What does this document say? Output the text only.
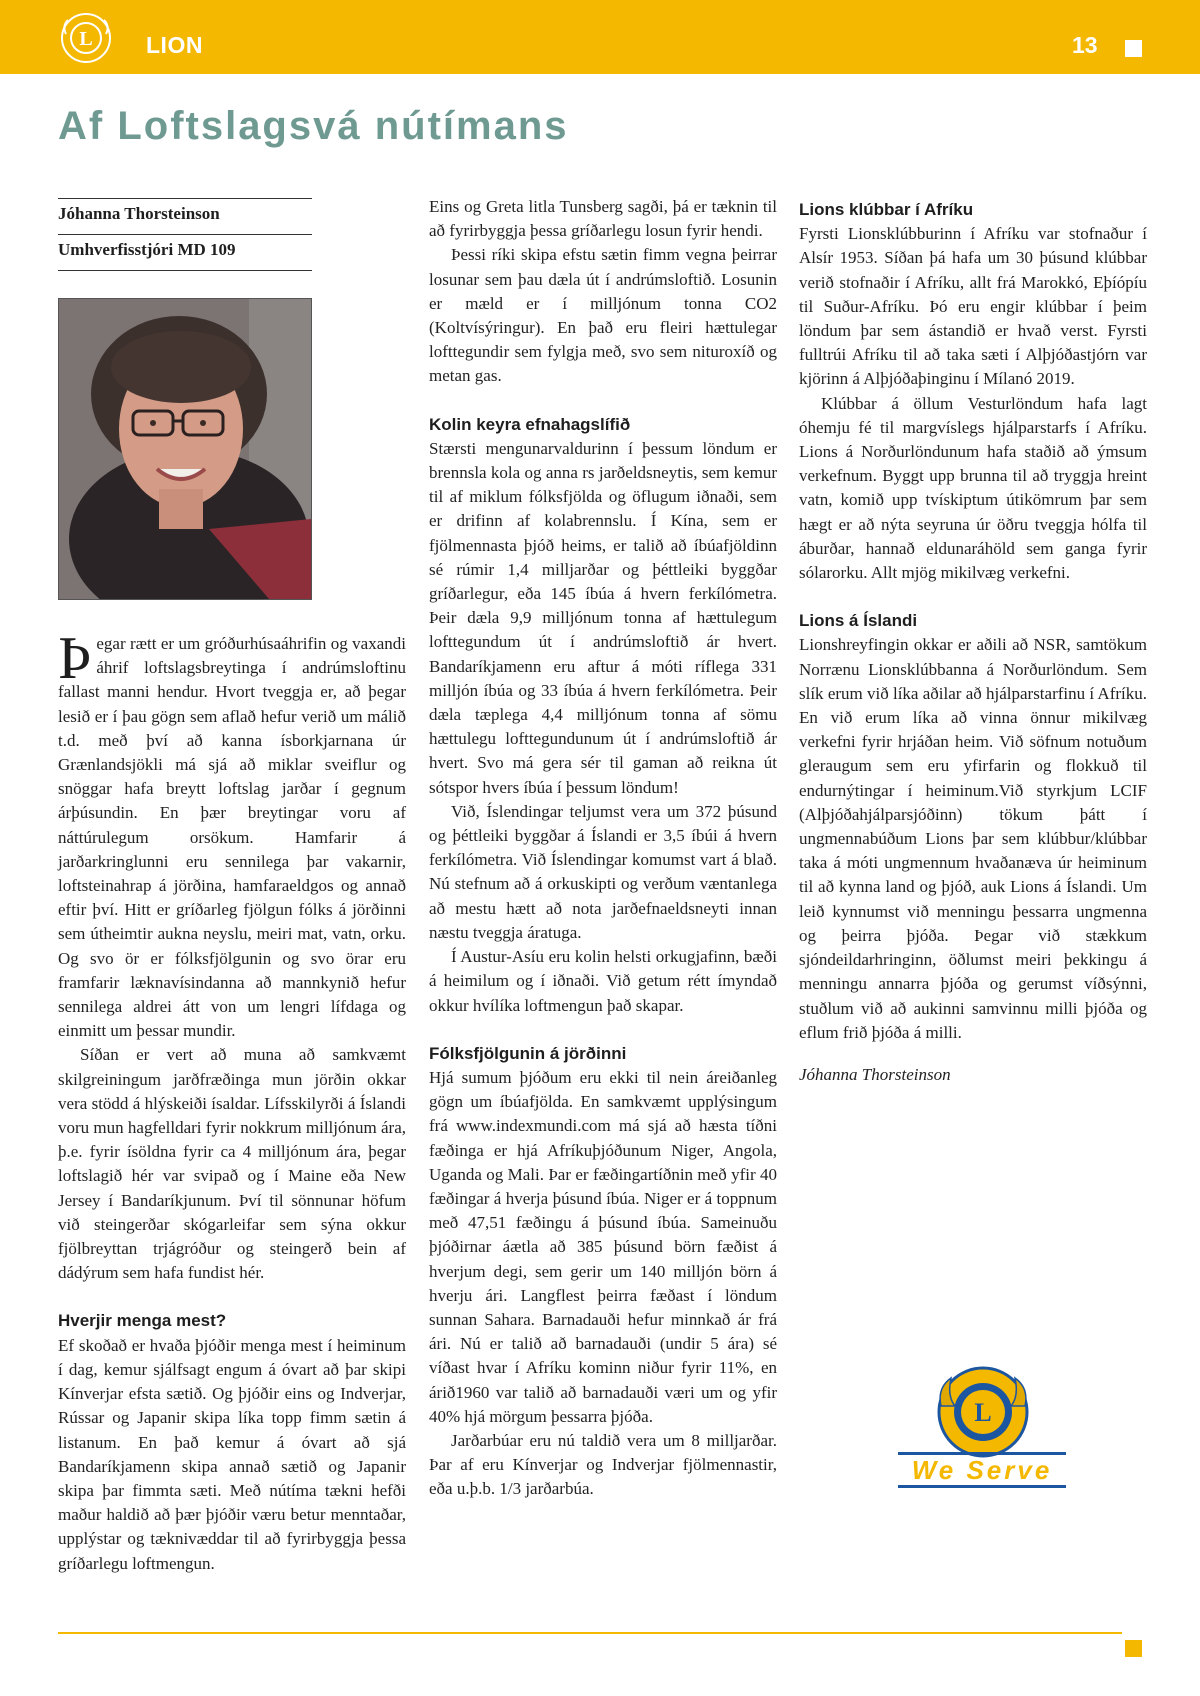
L LION	13
Af Loftslagsvá nútímans
Jóhanna Thorsteinson
Umhverfisstjóri MD 109

Þegar rætt er um gróðurhúsaáhrifin og vaxandi áhrif loftslagsbreytinga í andrúmsloftinu fallast manni hendur. Hvort tveggja er, að þegar lesið er í þau gögn sem aflað hefur verið um málið t.d. með því að kanna ísborkjarnana úr Grænlandsjökli má sjá að miklar sveiflur og snöggar hafa breytt loftslag jarðar í gegnum árþúsundin. En þær breytingar voru af náttúrulegum orsökum. Hamfarir á jarðarkringlunni eru sennilega þar vakarnir, loftsteinahrap á jörðina, hamfaraeldgos og annað eftir því. Hitt er gríðarleg fjölgun fólks á jörðinni sem útheimtir aukna neyslu, meiri mat, vatn, orku. Og svo ör er fólksfjölgunin og svo örar eru framfarir læknavísindanna að mannkynið hefur sennilega aldrei átt von um lengri lífdaga og einmitt um þessar mundir.

Síðan er vert að muna að samkvæmt skilgreiningum jarðfræðinga mun jörðin okkar vera stödd á hlýskeiði ísaldar. Lífsskilyrði á Íslandi voru mun hagfelldari fyrir nokkrum milljónum ára, þ.e. fyrir ísöldna fyrir ca 4 milljónum ára, þegar loftslagið hér var svipað og í Maine eða New Jersey í Bandaríkjunum. Því til sönnunar höfum við steingerðar skógarleifar sem sýna okkur fjölbreyttan trjágróður og steingerð bein af dádýrum sem hafa fundist hér.

Hverjir menga mest?

Ef skoðað er hvaða þjóðir menga mest í heiminum í dag, kemur sjálfsagt engum á óvart að þar skipi Kínverjar efsta sætið. Og þjóðir eins og Indverjar, Rússar og Japanir skipa líka topp fimm sætin á listanum. En það kemur á óvart að sjá Bandaríkjamenn skipa annað sætið og Japanir skipa þar fimmta sæti. Með nútíma tækni hefði maður haldið að þær þjóðir væru betur menntaðar, upplýstar og tæknivæddar til að fyrirbyggja þessa gríðarlegu loftmengun.

Eins og Greta litla Tunsberg sagði, þá er tæknin til að fyrirbyggja þessa gríðarlegu losun fyrir hendi.

Þessi ríki skipa efstu sætin fimm vegna þeirrar losunar sem þau dæla út í andrúmsloftið. Losunin er mæld er í milljónum tonna CO2 (Koltvísýringur). En það eru fleiri hættulegar lofttegundir sem fylgja með, svo sem nituroxíð og metan gas.

Kolin keyra efnahagslífið

Stærsti mengunarvaldurinn í þessum löndum er brennsla kola og anna rs jarðeldsneytis, sem kemur til af miklum fólksfjölda og öflugum iðnaði, sem er drifinn af kolabrennslu. Í Kína, sem er fjölmennasta þjóð heims, er talið að íbúafjöldinn sé rúmir 1,4 milljarðar og þéttleiki byggðar gríðarlegur, eða 145 íbúa á hvern ferkílómetra. Þeir dæla 9,9 milljónum tonna af hættulegum lofttegundum út í andrúmsloftið ár hvert. Bandaríkjamenn eru aftur á móti ríflega 331 milljón íbúa og 33 íbúa á hvern ferkílómetra. Þeir dæla tæplega 4,4 milljónum tonna af sömu hættulegu lofttegundunum út í andrúmsloftið ár hvert. Svo má gera sér til gaman að reikna út sótspor hvers íbúa í þessum löndum!

Við, Íslendingar teljumst vera um 372 þúsund og þéttleiki byggðar á Íslandi er 3,5 íbúi á hvern ferkílómetra. Við Íslendingar komumst vart á blað. Nú stefnum að á orkuskipti og verðum væntanlega að mestu hætt að nota jarðefnaeldsneyti innan næstu tveggja áratuga.

Í Austur-Asíu eru kolin helsti orkugjafinn, bæði á heimilum og í iðnaði. Við getum rétt ímyndað okkur hvílíka loftmengun það skapar.

Fólksfjölgunin á jörðinni

Hjá sumum þjóðum eru ekki til nein áreiðanleg gögn um íbúafjölda. En samkvæmt upplýsingum frá www.indexmundi.com má sjá að hæsta tíðni fæðinga er hjá Afríkuþjóðunum Niger, Angola, Uganda og Mali. Þar er fæðingartíðnin með yfir 40 fæðingar á hverja þúsund íbúa. Niger er á toppnum með 47,51 fæðingu á þúsund íbúa. Sameinuðu þjóðirnar áætla að 385 þúsund börn fæðist á hverjum degi, sem gerir um 140 milljón börn á hverju ári. Langflest þeirra fæðast í löndum sunnan Sahara. Barnadauði hefur minnkað ár frá ári. Nú er talið að barnadauði (undir 5 ára) sé víðast hvar í Afríku kominn niður fyrir 11%, en árið1960 var talið að barnadauði væri um og yfir 40% hjá mörgum þessarra þjóða.

Jarðarbúar eru nú taldið vera um 8 milljarðar. Þar af eru Kínverjar og Indverjar fjölmennastir, eða u.þ.b. 1/3 jarðarbúa.

Lions klúbbar í Afríku

Fyrsti Lionsklúbburinn í Afríku var stofnaður í Alsír 1953. Síðan þá hafa um 30 þúsund klúbbar verið stofnaðir í Afríku, allt frá Marokkó, Eþíópíu til Suður-Afríku. Þó eru engir klúbbar í þeim löndum þar sem ástandið er hvað verst. Fyrsti fulltrúi Afríku til að taka sæti í Alþjóðastjórn var kjörinn á Alþjóðaþinginu í Mílanó 2019.

Klúbbar á öllum Vesturlöndum hafa lagt óhemju fé til margvíslegs hjálparstarfs í Afríku. Lions á Norðurlöndunum hafa staðið að ýmsum verkefnum. Byggt upp brunna til að tryggja hreint vatn, komið upp tvískiptum útikömrum þar sem hægt er að nýta seyruna úr öðru tveggja hólfa til áburðar, hannað eldunaráhöld sem ganga fyrir sólarorku. Allt mjög mikilvæg verkefni.

Lions á Íslandi

Lionshreyfingin okkar er aðili að NSR, samtökum Norrænu Lionsklúbbanna á Norðurlöndum. Sem slík erum við líka aðilar að hjálparstarfinu í Afríku. En við erum líka að vinna önnur mikilvæg verkefni fyrir hrjáðan heim. Við söfnum notuðum gleraugum sem eru yfirfarin og flokkuð til endurnýtingar í heiminum.Við styrkjum LCIF (Alþjóðahjálparsjóðinn) tökum þátt í ungmennabúðum Lions þar sem klúbbur/klúbbar taka á móti ungmennum hvaðanæva úr heiminum til að kynna land og þjóð, auk Lions á Íslandi. Um leið kynnumst við menningu þessarra ungmenna og þeirra þjóða. Þegar við stækkum sjóndeildarhringinn, öðlumst meiri þekkingu á menningu annarra þjóða og gerumst víðsýnni, stuðlum við að aukinni samvinnu milli þjóða og eflum frið þjóða á milli.

Jóhanna Thorsteinson

L
We Serve
